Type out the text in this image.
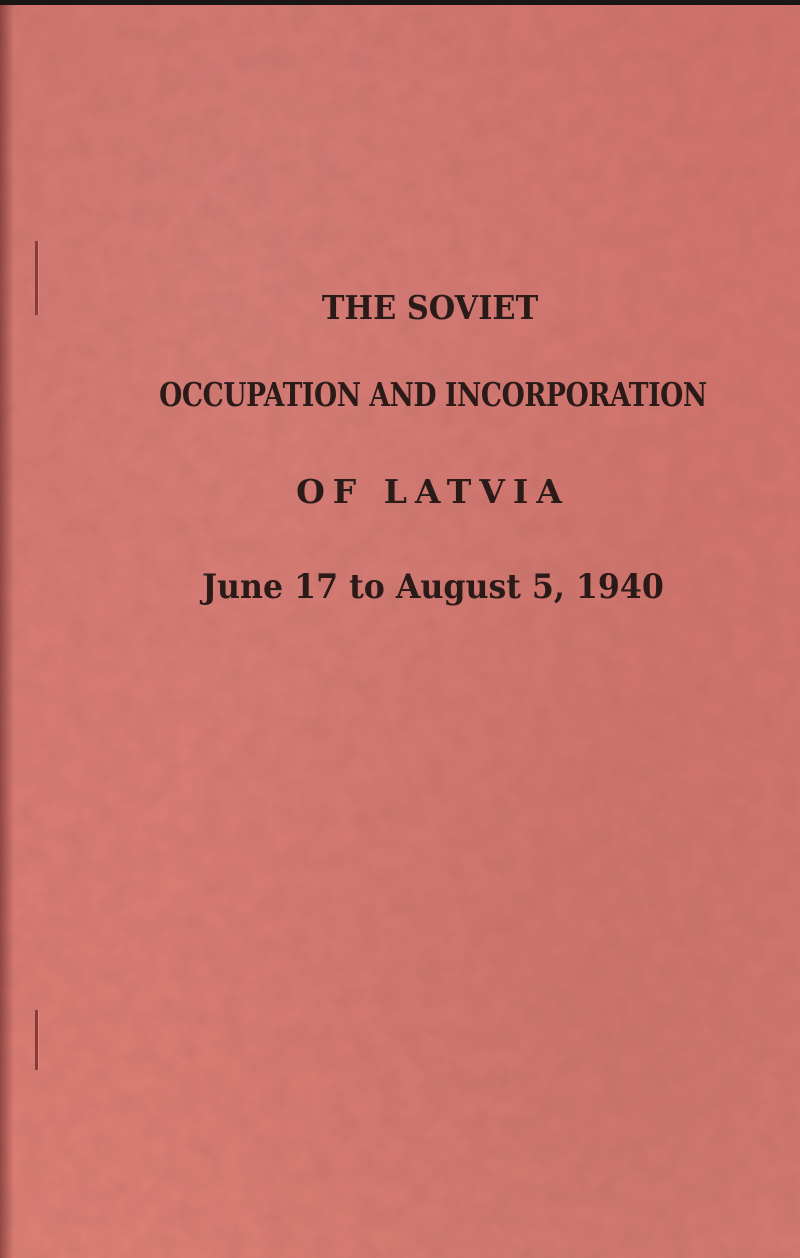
THE SOVIET
OCCUPATION AND INCORPORATION
OF LATVIA
June 17 to August 5, 1940
